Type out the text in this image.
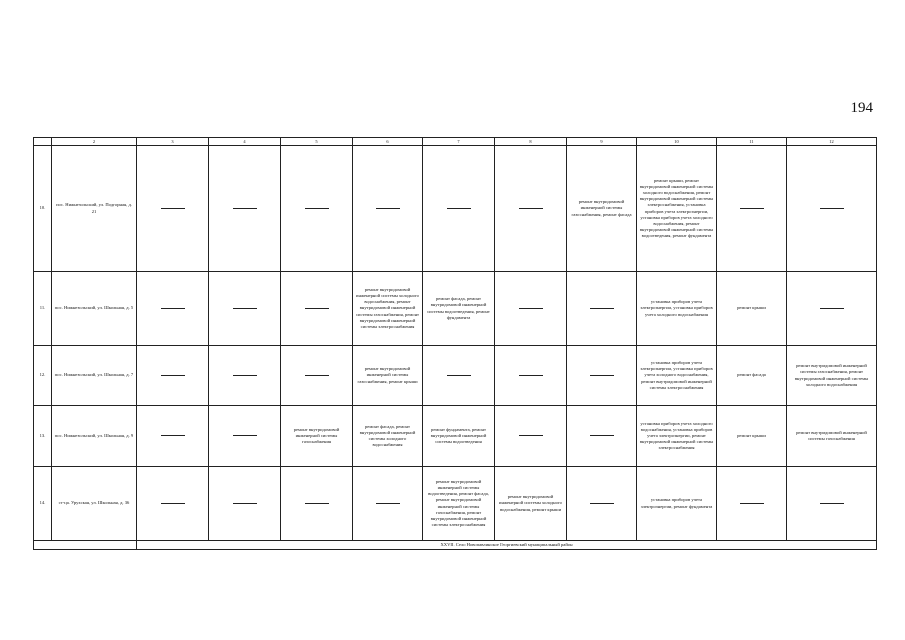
194
	2	3	4	5	6	7	8	9	10	11	12
10.	пос. Нижнезольский, ул. Подгорная, д. 21							ремонт внутридомовой инженерной системы газоснабжения, ремонт фасада	ремонт крыши, ремонт внутридомовой инженерной системы холодного водоснабжения, ремонт внутридомовой инженерной системы электроснабжения, установка приборов учета электроэнергии, установка приборов учета холодного водоснабжения, ремонт внутридомовой инженерной системы водоотведения, ремонт фундамента		
11.	пос. Нижнезольский, ул. Школьная, д. 5				ремонт внутридомовой инженерной системы холодного водоснабжения, ремонт внутридомовой инженерной системы газоснабжения, ремонт внутридомовой инженерной системы электроснабжения	ремонт фасада, ремонт внутридомовой инженерной системы водоотведения, ремонт фундамента			установка приборов учета электроэнергии, установка приборов учета холодного водоснабжения	ремонт крыши	
12.	пос. Нижнезольский, ул. Школьная, д. 7				ремонт внутридомовой инженерной системы газоснабжения, ремонт крыши				установка приборов учета электроэнергии, установка приборов учета холодного водоснабжения, ремонт внутридомовой инженерной системы электроснабжения	ремонт фасада	ремонт внутридомовой инженерной системы газоснабжения, ремонт внутридомовой инженерной системы холодного водоснабжения
13.	пос. Нижнезольский, ул. Школьная, д. 9			ремонт внутридомовой инженерной системы газоснабжения	ремонт фасада, ремонт внутридомовой инженерной системы холодного водоснабжения	ремонт фундамента, ремонт внутридомовой инженерной системы водоотведения			установка приборов учета холодного водоснабжения, установка приборов учета электроэнергии, ремонт внутридомовой инженерной системы электроснабжения	ремонт крыши	ремонт внутридомовой инженерной системы газоснабжения
14.	ст-ца. Урухская, ул. Школьная, д. 36					ремонт внутридомовой инженерной системы водоотведения, ремонт фасада, ремонт внутридомовой инженерной системы газоснабжения, ремонт внутридомовой инженерной системы электроснабжения	ремонт внутридомовой инженерной системы холодного водоснабжения, ремонт крыши		установка приборов учета электроэнергии, ремонт фундамента		
		XXVII. Село Новопавлинское Георгиевский муниципальный район									
